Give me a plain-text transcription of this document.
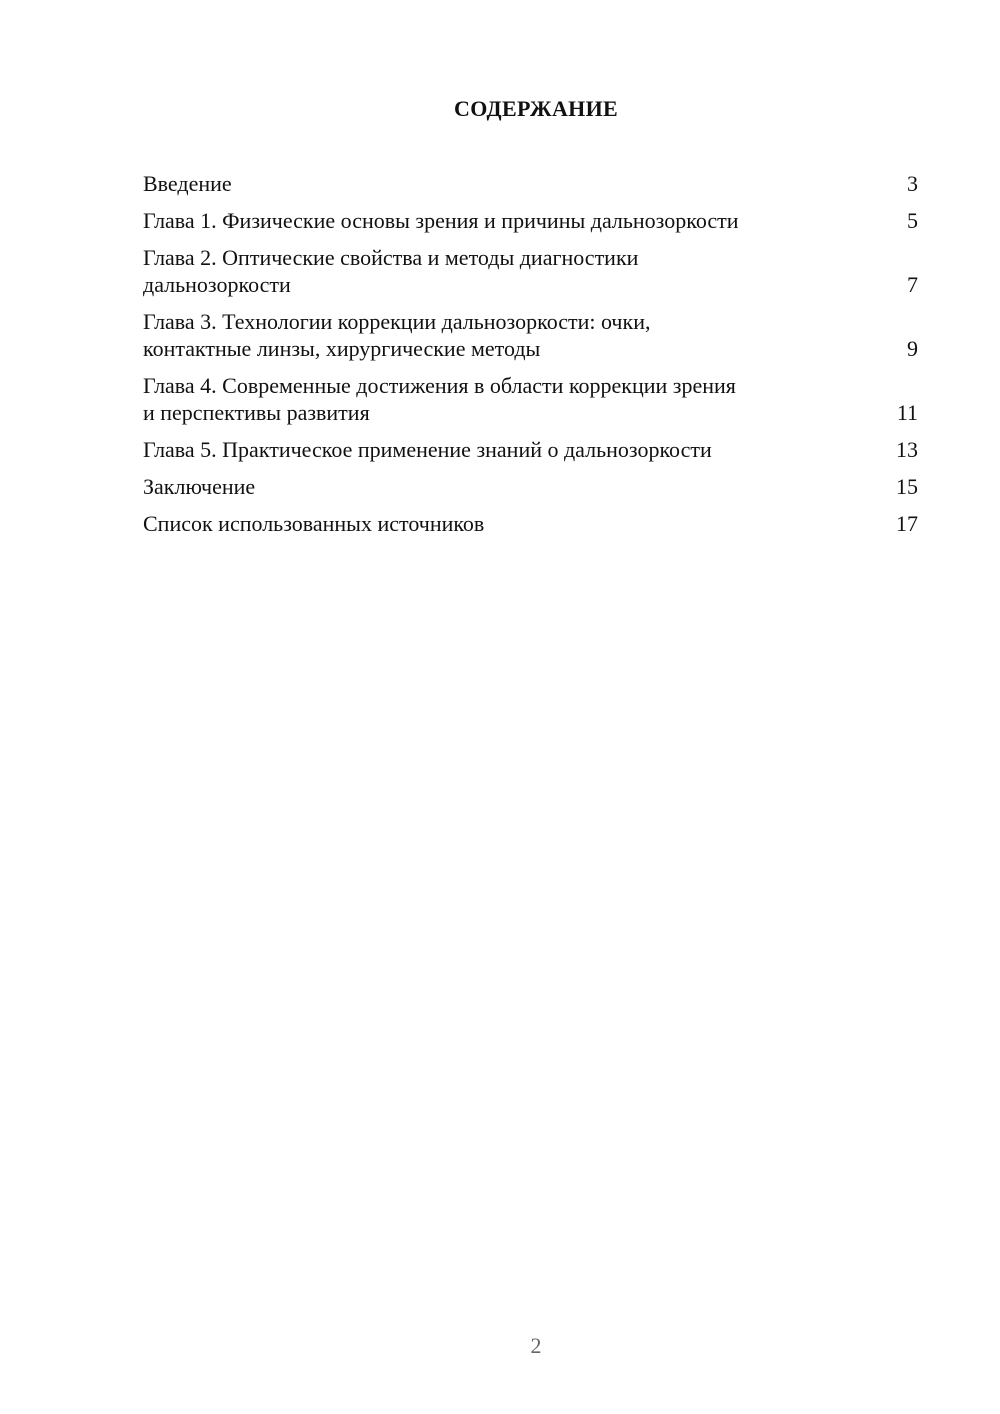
СОДЕРЖАНИЕ
Введение	3
Глава 1. Физические основы зрения и причины дальнозоркости	5
Глава 2. Оптические свойства и методы диагностики
дальнозоркости	7
Глава 3. Технологии коррекции дальнозоркости: очки,
контактные линзы, хирургические методы	9
Глава 4. Современные достижения в области коррекции зрения
и перспективы развития	11
Глава 5. Практическое применение знаний о дальнозоркости	13
Заключение	15
Список использованных источников	17
2
